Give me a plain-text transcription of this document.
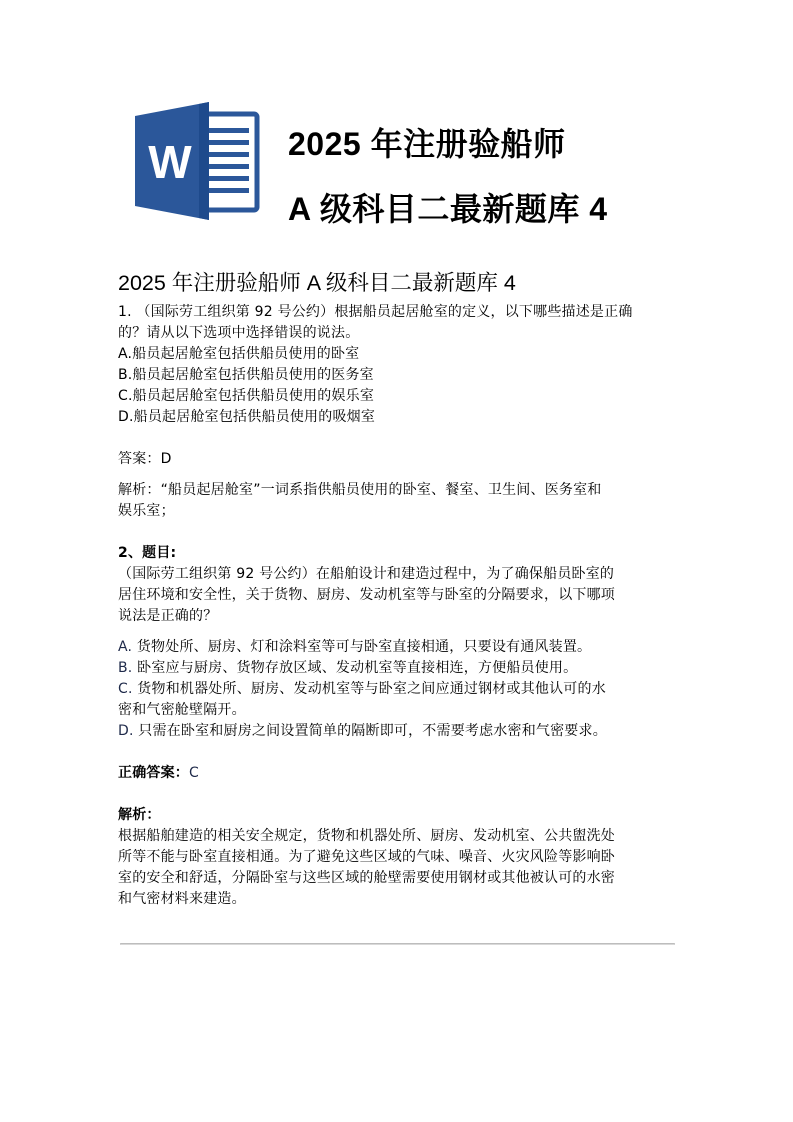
W	2025 年注册验船师
A 级科目二最新题库 4
2025 年注册验船师 A 级科目二最新题库 4

1. （国际劳工组织第 92 号公约）根据船员起居舱室的定义，以下哪些描述是正确

的？请从以下选项中选择错误的说法。

A.船员起居舱室包括供船员使用的卧室

B.船员起居舱室包括供船员使用的医务室

C.船员起居舱室包括供船员使用的娱乐室

D.船员起居舱室包括供船员使用的吸烟室

答案：D

解析：“船员起居舱室”一词系指供船员使用的卧室、餐室、卫生间、医务室和

娱乐室；

2、题目:

（国际劳工组织第 92 号公约）在船舶设计和建造过程中，为了确保船员卧室的

居住环境和安全性，关于货物、厨房、发动机室等与卧室的分隔要求，以下哪项

说法是正确的？

A. 货物处所、厨房、灯和涂料室等可与卧室直接相通，只要设有通风装置。

B. 卧室应与厨房、货物存放区域、发动机室等直接相连，方便船员使用。

C. 货物和机器处所、厨房、发动机室等与卧室之间应通过钢材或其他认可的水

密和气密舱壁隔开。

D. 只需在卧室和厨房之间设置简单的隔断即可，不需要考虑水密和气密要求。

正确答案：C

解析：

根据船舶建造的相关安全规定，货物和机器处所、厨房、发动机室、公共盥洗处

所等不能与卧室直接相通。为了避免这些区域的气味、噪音、火灾风险等影响卧

室的安全和舒适，分隔卧室与这些区域的舱壁需要使用钢材或其他被认可的水密

和气密材料来建造。
